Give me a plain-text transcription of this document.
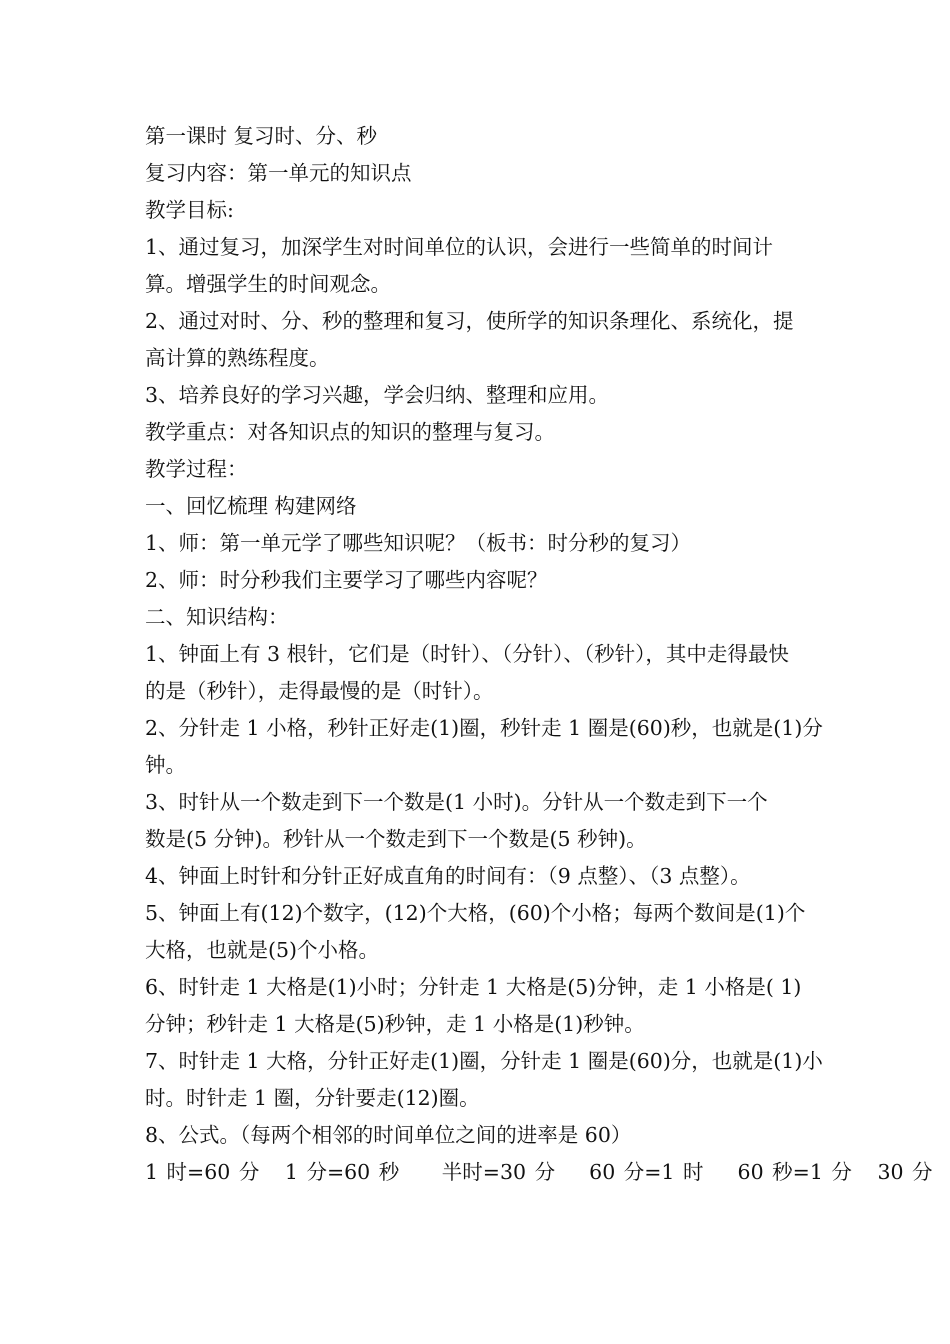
第一课时 复习时、分、秒
复习内容：第一单元的知识点
教学目标:
1、通过复习，加深学生对时间单位的认识，会进行一些简单的时间计
算。增强学生的时间观念。
2、通过对时、分、秒的整理和复习，使所学的知识条理化、系统化，提
高计算的熟练程度。
3、培养良好的学习兴趣，学会归纳、整理和应用。
教学重点：对各知识点的知识的整理与复习。
教学过程：
一、回忆梳理 构建网络
1、师：第一单元学了哪些知识呢？（板书：时分秒的复习）
2、师：时分秒我们主要学习了哪些内容呢？
二、知识结构：
1、钟面上有 3 根针，它们是（时针）、（分针）、（秒针），其中走得最快
的是（秒针），走得最慢的是（时针）。
2、分针走 1 小格，秒针正好走(1)圈，秒针走 1 圈是(60)秒，也就是(1)分
钟。
3、时针从一个数走到下一个数是(1 小时)。分针从一个数走到下一个
数是(5 分钟)。秒针从一个数走到下一个数是(5 秒钟)。
4、钟面上时针和分针正好成直角的时间有：（9 点整）、（3 点整）。
5、钟面上有(12)个数字，(12)个大格，(60)个小格；每两个数间是(1)个
大格，也就是(5)个小格。
6、时针走 1 大格是(1)小时；分针走 1 大格是(5)分钟，走 1 小格是( 1)
分钟；秒针走 1 大格是(5)秒钟，走 1 小格是(1)秒钟。
7、时针走 1 大格，分针正好走(1)圈，分针走 1 圈是(60)分，也就是(1)小
时。时针走 1 圈，分针要走(12)圈。
8、公式。（每两个相邻的时间单位之间的进率是 60）
1 时=60 分   1 分=60 秒     半时=30 分    60 分=1 时    60 秒=1 分   30 分
